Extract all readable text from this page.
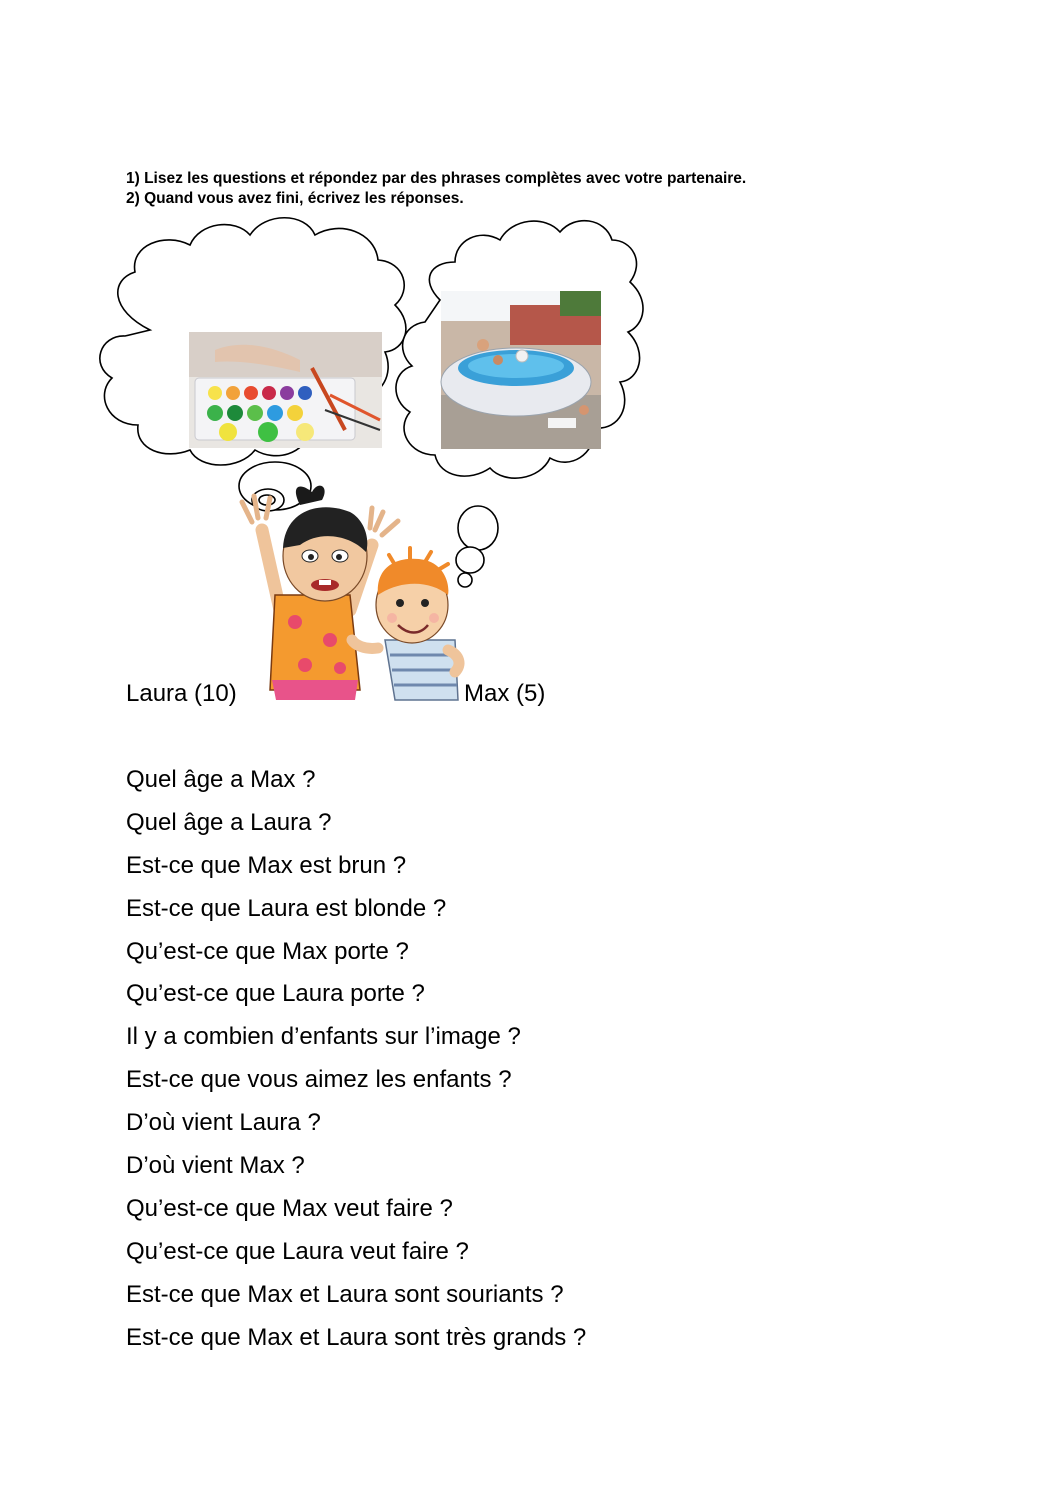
1) Lisez les questions et répondez par des phrases complètes avec votre partenaire.
2) Quand vous avez fini, écrivez les réponses.
Laura (10)	Max (5)
Quel âge a Max ?
Quel âge a Laura ?
Est-ce que Max est brun ?
Est-ce que Laura est blonde ?
Qu’est-ce que Max porte ?
Qu’est-ce que Laura porte ?
Il y a combien d’enfants sur l’image ?
Est-ce que vous aimez les enfants ?
D’où vient Laura ?
D’où vient Max ?
Qu’est-ce que Max veut faire ?
Qu’est-ce que Laura veut faire ?
Est-ce que Max et Laura sont souriants ?
Est-ce que Max et Laura sont très grands ?
